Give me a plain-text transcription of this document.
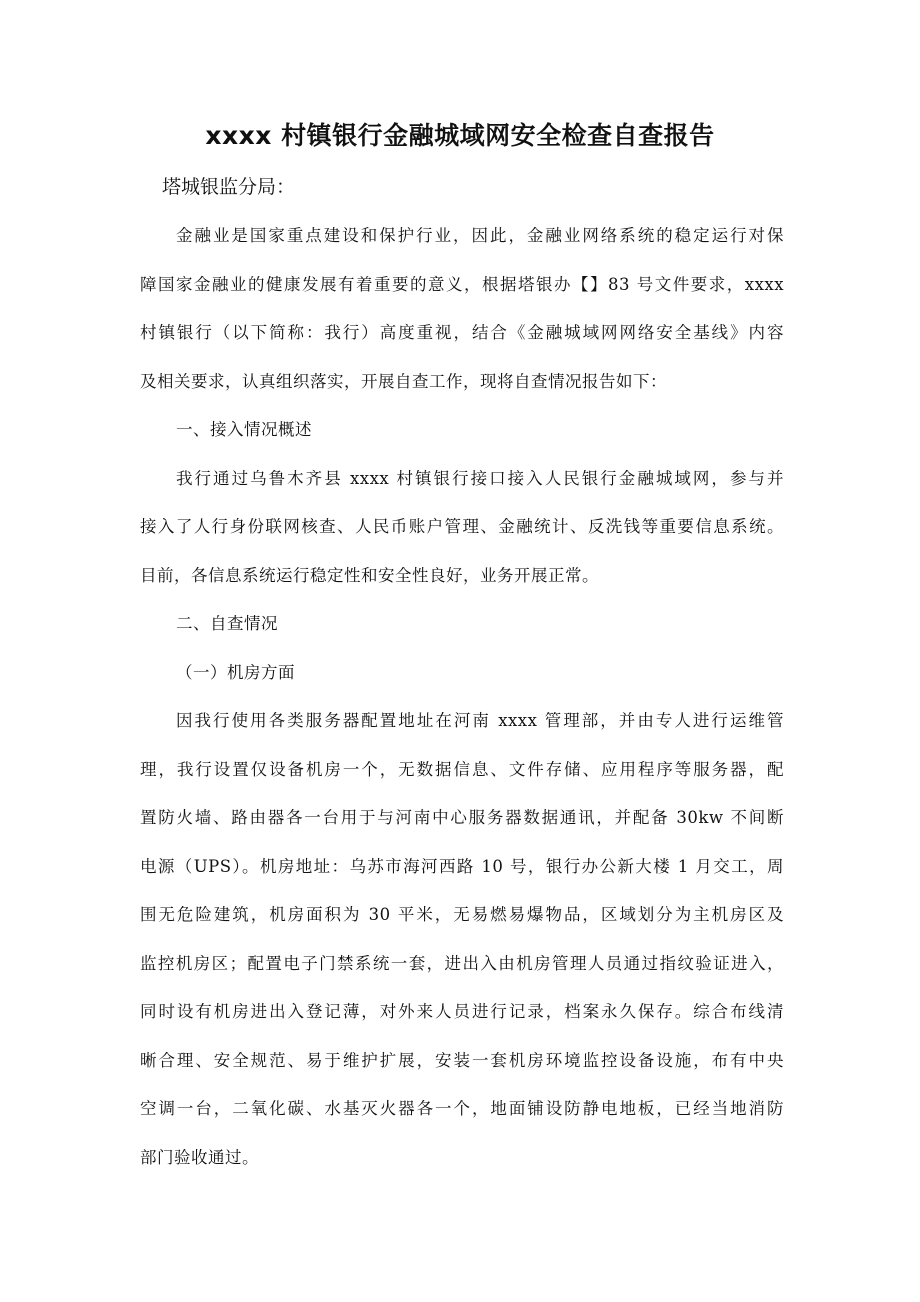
xxxx 村镇银行金融城域网安全检查自查报告
塔城银监分局：
金融业是国家重点建设和保护行业，因此，金融业网络系统的稳定运行对保
障国家金融业的健康发展有着重要的意义，根据塔银办【】83 号文件要求，xxxx
村镇银行（以下简称：我行）高度重视，结合《金融城域网网络安全基线》内容
及相关要求，认真组织落实，开展自查工作，现将自查情况报告如下：
一、接入情况概述
我行通过乌鲁木齐县 xxxx 村镇银行接口接入人民银行金融城域网，参与并
接入了人行身份联网核查、人民币账户管理、金融统计、反洗钱等重要信息系统。
目前，各信息系统运行稳定性和安全性良好，业务开展正常。
二、自查情况
（一）机房方面
因我行使用各类服务器配置地址在河南 xxxx 管理部，并由专人进行运维管
理，我行设置仅设备机房一个，无数据信息、文件存储、应用程序等服务器，配
置防火墙、路由器各一台用于与河南中心服务器数据通讯，并配备 30kw 不间断
电源（UPS）。机房地址：乌苏市海河西路 10 号，银行办公新大楼 1 月交工，周
围无危险建筑，机房面积为 30 平米，无易燃易爆物品，区域划分为主机房区及
监控机房区；配置电子门禁系统一套，进出入由机房管理人员通过指纹验证进入，
同时设有机房进出入登记薄，对外来人员进行记录，档案永久保存。综合布线清
晰合理、安全规范、易于维护扩展，安装一套机房环境监控设备设施，布有中央
空调一台，二氧化碳、水基灭火器各一个，地面铺设防静电地板，已经当地消防
部门验收通过。
